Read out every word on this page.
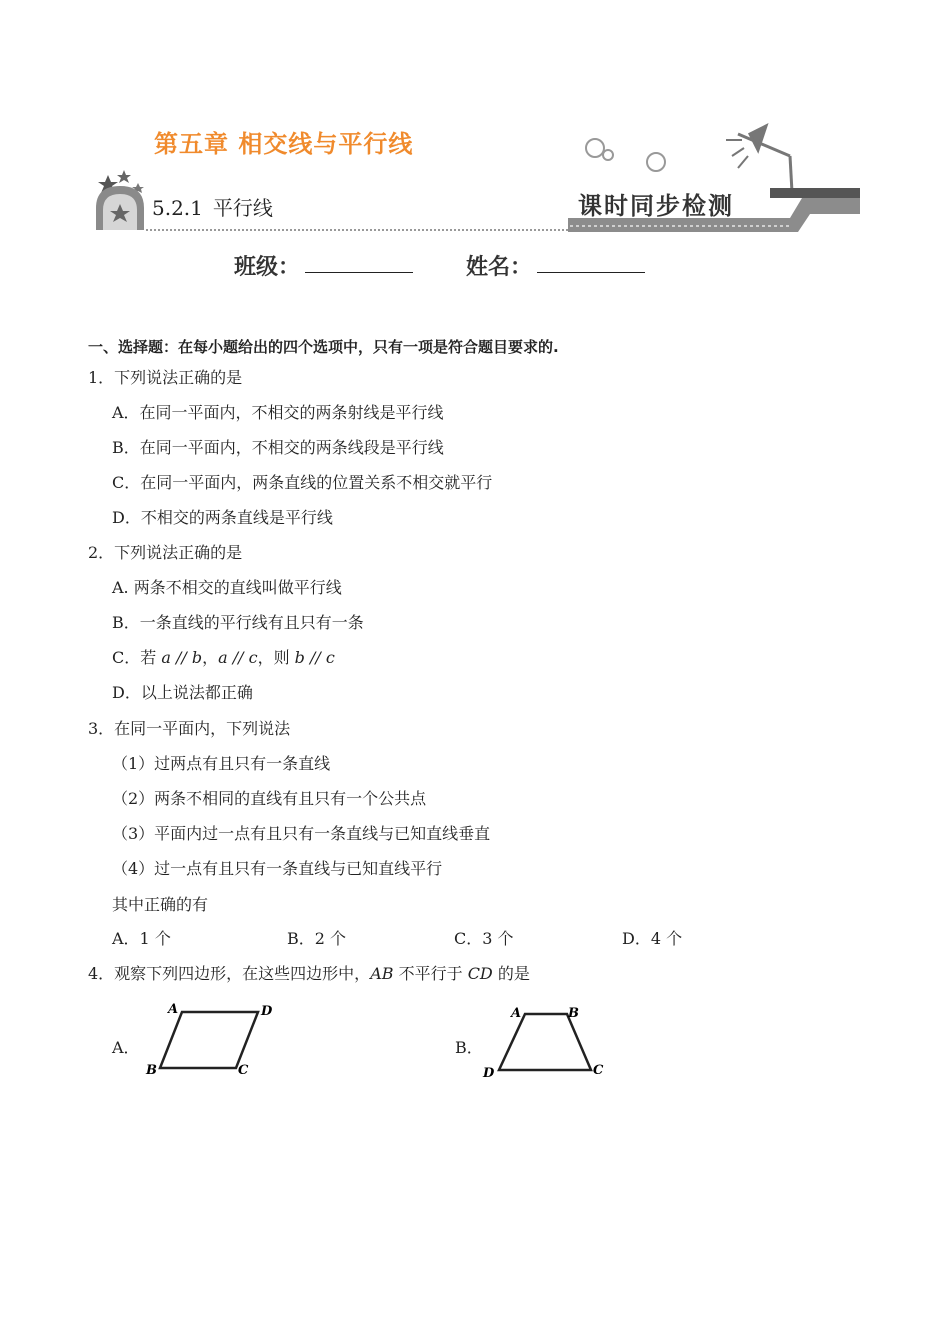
第五章 相交线与平行线
5.2.1 平行线	课时同步检测
班级：	姓名：
一、选择题：在每小题给出的四个选项中，只有一项是符合题目要求的.
1．下列说法正确的是
A．在同一平面内，不相交的两条射线是平行线
B．在同一平面内，不相交的两条线段是平行线
C．在同一平面内，两条直线的位置关系不相交就平行
D．不相交的两条直线是平行线
2．下列说法正确的是
A. 两条不相交的直线叫做平行线
B．一条直线的平行线有且只有一条
C．若 a // b，a // c，则 b // c
D．以上说法都正确
3．在同一平面内，下列说法
（1）过两点有且只有一条直线
（2）两条不相同的直线有且只有一个公共点
（3）平面内过一点有且只有一条直线与已知直线垂直
（4）过一点有且只有一条直线与已知直线平行
其中正确的有
A．1 个	B．2 个	C．3 个	D．4 个
4．观察下列四边形，在这些四边形中，AB 不平行于 CD 的是
A．
A	D
B	C
B．
A	B
D	C
